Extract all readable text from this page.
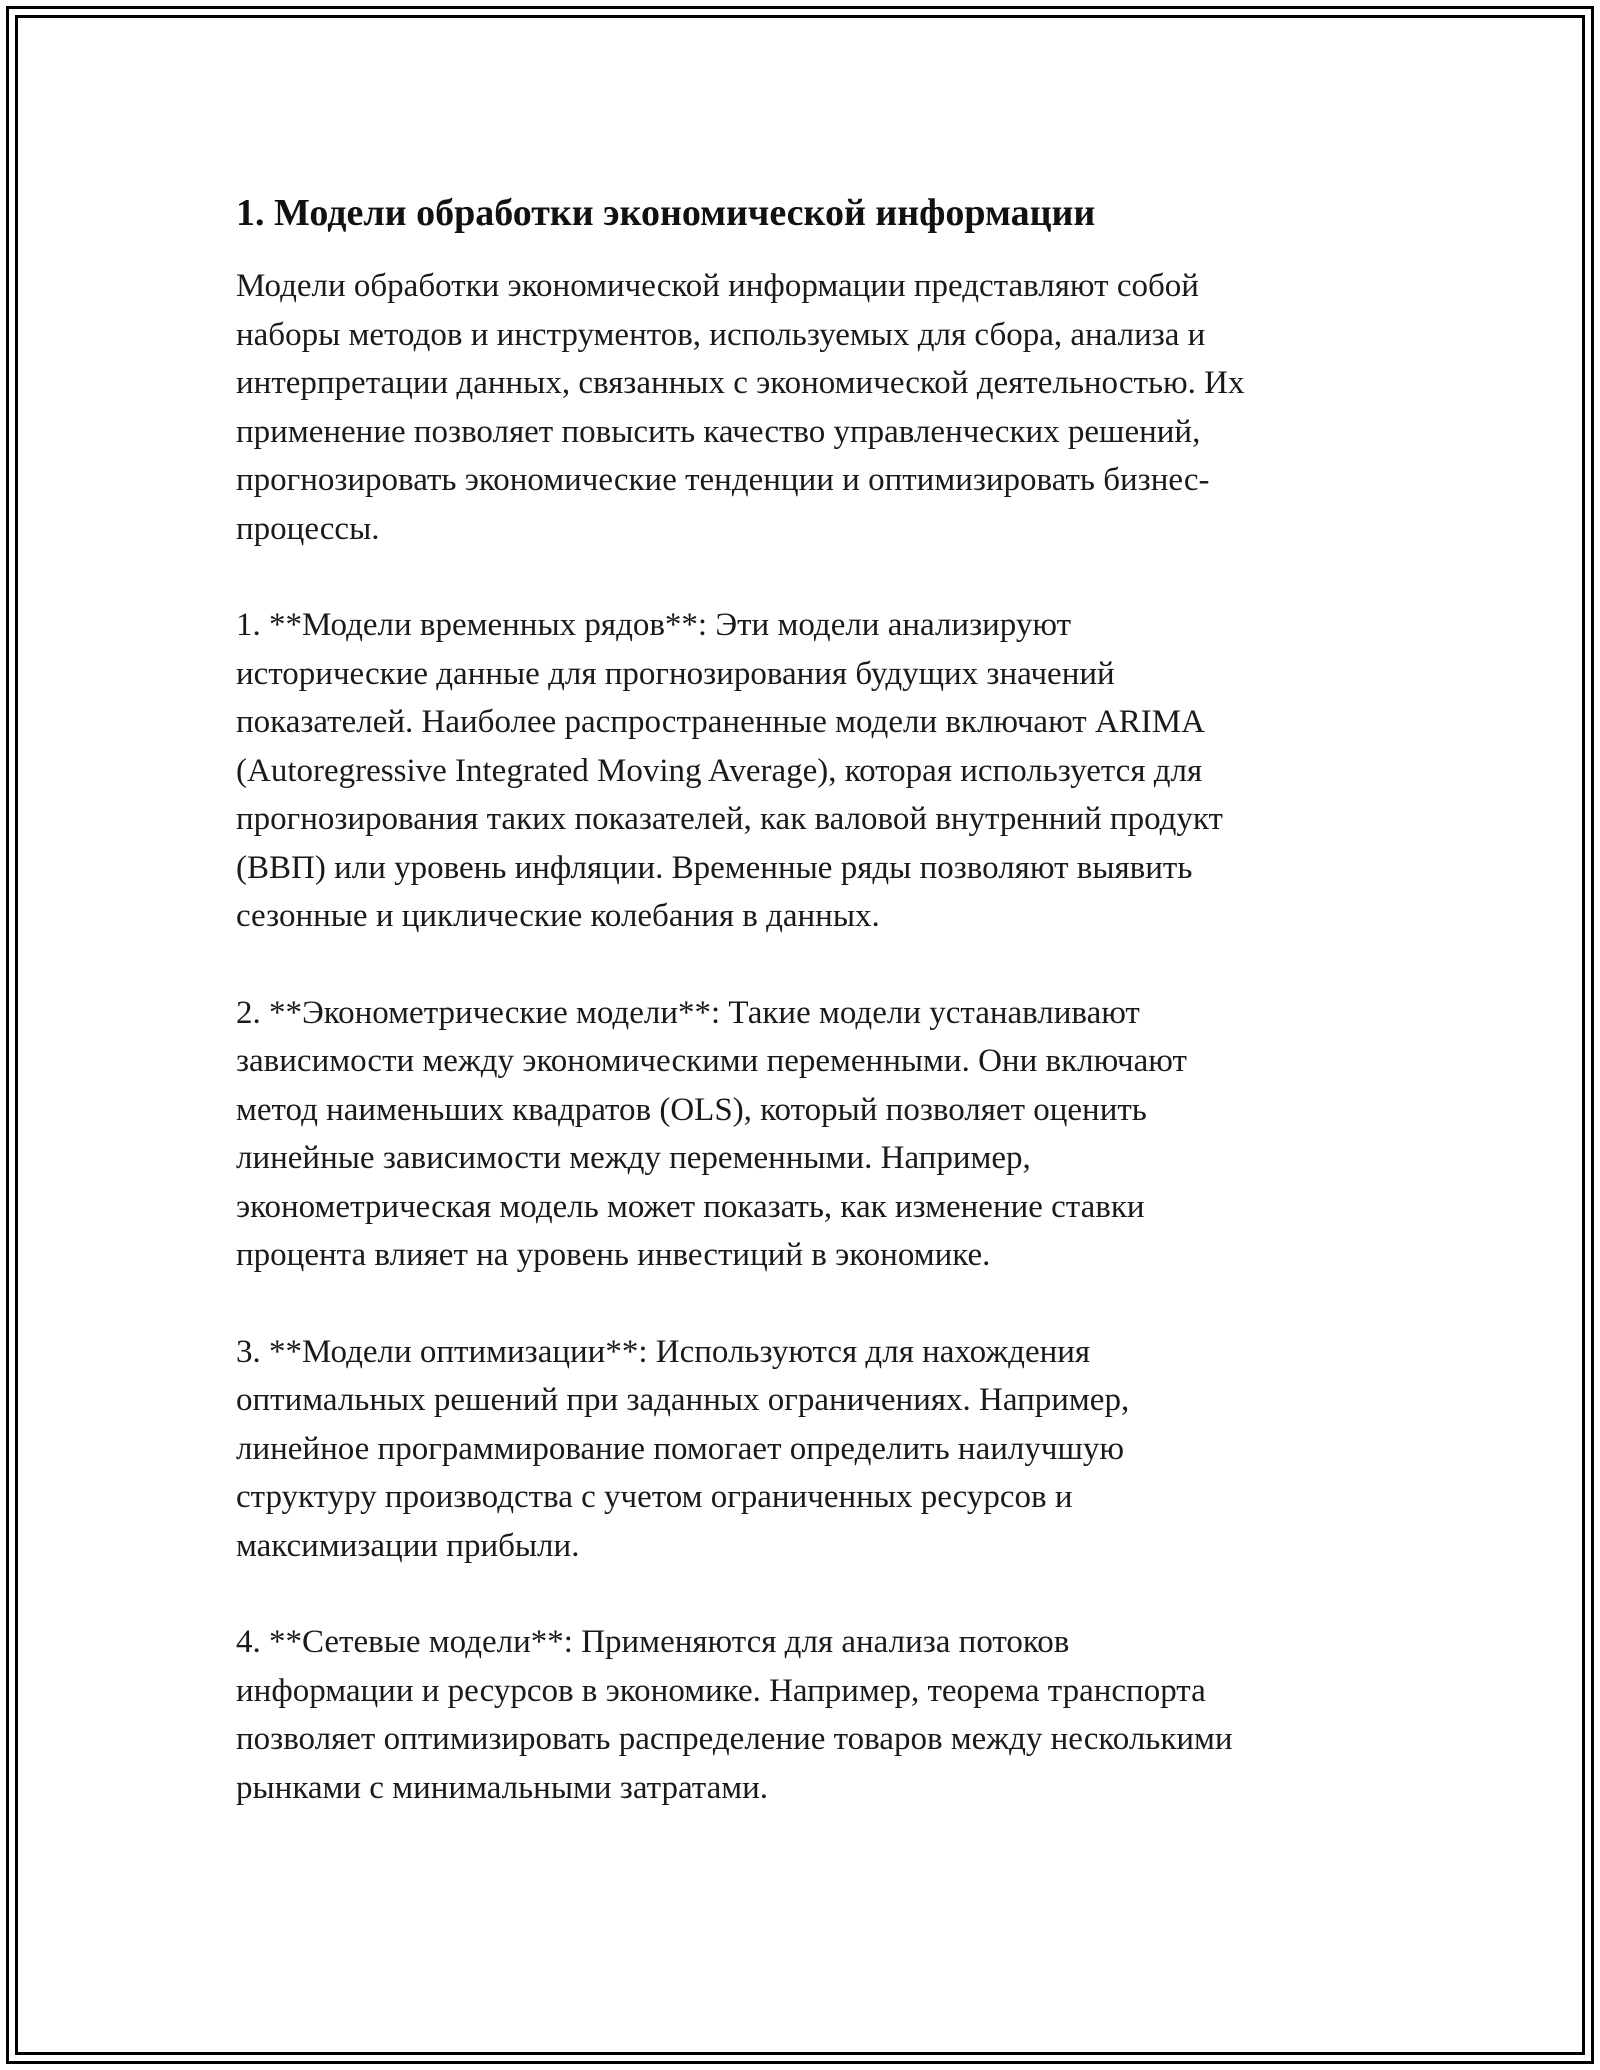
1. Модели обработки экономической информации

Модели обработки экономической информации представляют собой
наборы методов и инструментов, используемых для сбора, анализа и
интерпретации данных, связанных с экономической деятельностью. Их
применение позволяет повысить качество управленческих решений,
прогнозировать экономические тенденции и оптимизировать бизнес-
процессы.

1. **Модели временных рядов**: Эти модели анализируют
исторические данные для прогнозирования будущих значений
показателей. Наиболее распространенные модели включают ARIMA
(Autoregressive Integrated Moving Average), которая используется для
прогнозирования таких показателей, как валовой внутренний продукт
(ВВП) или уровень инфляции. Временные ряды позволяют выявить
сезонные и циклические колебания в данных.

2. **Эконометрические модели**: Такие модели устанавливают
зависимости между экономическими переменными. Они включают
метод наименьших квадратов (OLS), который позволяет оценить
линейные зависимости между переменными. Например,
эконометрическая модель может показать, как изменение ставки
процента влияет на уровень инвестиций в экономике.

3. **Модели оптимизации**: Используются для нахождения
оптимальных решений при заданных ограничениях. Например,
линейное программирование помогает определить наилучшую
структуру производства с учетом ограниченных ресурсов и
максимизации прибыли.

4. **Сетевые модели**: Применяются для анализа потоков
информации и ресурсов в экономике. Например, теорема транспорта
позволяет оптимизировать распределение товаров между несколькими
рынками с минимальными затратами.
